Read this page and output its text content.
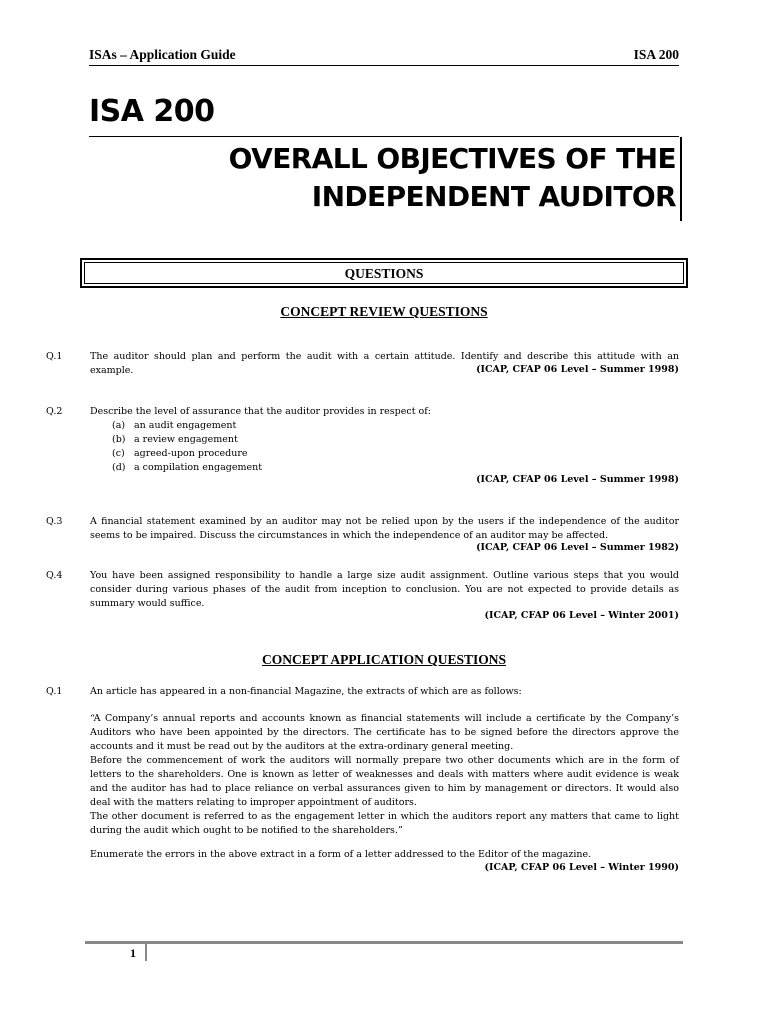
ISAs – Application Guide	ISA 200
ISA 200
OVERALL OBJECTIVES OF THE
INDEPENDENT AUDITOR
QUESTIONS
CONCEPT REVIEW QUESTIONS
Q.1	The auditor should plan and perform the audit with a certain attitude. Identify and describe this attitude with an example.	(ICAP, CFAP 06 Level – Summer 1998)
Q.2	Describe the level of assurance that the auditor provides in respect of:
(a) an audit engagement
(b) a review engagement
(c) agreed-upon procedure
(d) a compilation engagement
(ICAP, CFAP 06 Level – Summer 1998)
Q.3	A financial statement examined by an auditor may not be relied upon by the users if the independence of the auditor seems to be impaired. Discuss the circumstances in which the independence of an auditor may be affected.
(ICAP, CFAP 06 Level – Summer 1982)
Q.4	You have been assigned responsibility to handle a large size audit assignment. Outline various steps that you would consider during various phases of the audit from inception to conclusion. You are not expected to provide details as summary would suffice.
(ICAP, CFAP 06 Level – Winter 2001)
CONCEPT APPLICATION QUESTIONS
Q.1	An article has appeared in a non-financial Magazine, the extracts of which are as follows:

“A Company’s annual reports and accounts known as financial statements will include a certificate by the Company’s Auditors who have been appointed by the directors. The certificate has to be signed before the directors approve the accounts and it must be read out by the auditors at the extra-ordinary general meeting.

Before the commencement of work the auditors will normally prepare two other documents which are in the form of letters to the shareholders. One is known as letter of weaknesses and deals with matters where audit evidence is weak and the auditor has had to place reliance on verbal assurances given to him by management or directors. It would also deal with the matters relating to improper appointment of auditors.

The other document is referred to as the engagement letter in which the auditors report any matters that came to light during the audit which ought to be notified to the shareholders.”

Enumerate the errors in the above extract in a form of a letter addressed to the Editor of the magazine.
(ICAP, CFAP 06 Level – Winter 1990)
1
